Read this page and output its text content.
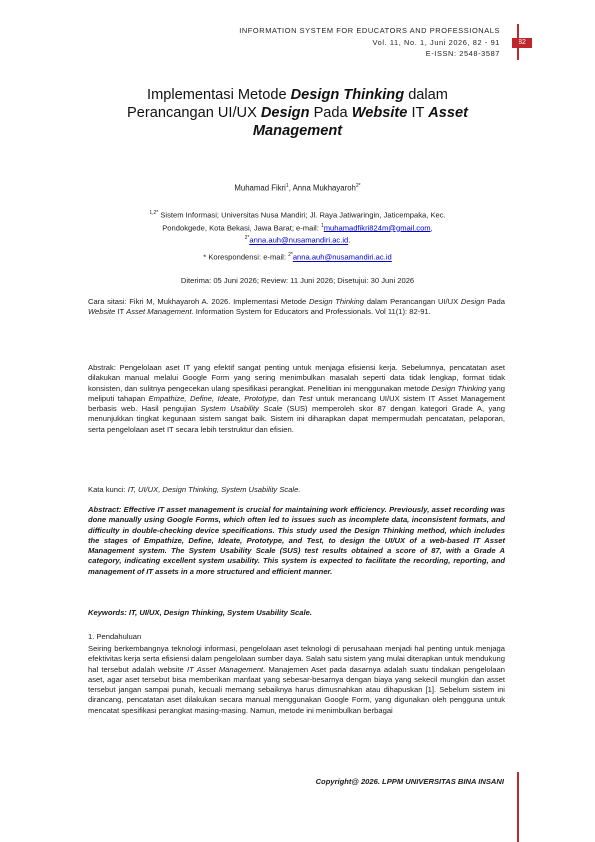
INFORMATION SYSTEM FOR EDUCATORS AND PROFESSIONALS
Vol. 11, No. 1, Juni 2026, 82 - 91
E-ISSN: 2548-3587
82
Implementasi Metode Design Thinking dalam
Perancangan UI/UX Design Pada Website IT Asset
Management
Muhamad Fikri$^1$, Anna Mukhayaroh$^{2*}$
$^{1,2*}$ Sistem Informasi; Universitas Nusa Mandiri; Jl. Raya Jatiwaringin, Jaticempaka, Kec.
Pondokgede, Kota Bekasi, Jawa Barat; e-mail: $^1$muhamadfikri824m@gmail.com,
$^{2*}$anna.auh@nusamandiri.ac.id.
* Korespondensi: e-mail: $^{2*}$anna.auh@nusamandiri.ac.id
Diterima: 05 Juni 2026; Review: 11 Juni 2026; Disetujui: 30 Juni 2026
Cara sitasi: Fikri M, Mukhayaroh A. 2026. Implementasi Metode Design Thinking dalam Perancangan UI/UX Design Pada Website IT Asset Management. Information System for Educators and Professionals. Vol 11(1): 82-91.
Abstrak: Pengelolaan aset IT yang efektif sangat penting untuk menjaga efisiensi kerja. Sebelumnya, pencatatan aset dilakukan manual melalui Google Form yang sering menimbulkan masalah seperti data tidak lengkap, format tidak konsisten, dan sulitnya pengecekan ulang spesifikasi perangkat. Penelitian ini menggunakan metode Design Thinking yang meliputi tahapan Empathize, Define, Ideate, Prototype, dan Test untuk merancang UI/UX sistem IT Asset Management berbasis web. Hasil pengujian System Usability Scale (SUS) memperoleh skor 87 dengan kategori Grade A, yang menunjukkan tingkat kegunaan sistem sangat baik. Sistem ini diharapkan dapat mempermudah pencatatan, pelaporan, serta pengelolaan aset IT secara lebih terstruktur dan efisien.
Kata kunci: IT, UI/UX, Design Thinking, System Usability Scale.
Abstract: Effective IT asset management is crucial for maintaining work efficiency. Previously, asset recording was done manually using Google Forms, which often led to issues such as incomplete data, inconsistent formats, and difficulty in double-checking device specifications. This study used the Design Thinking method, which includes the stages of Empathize, Define, Ideate, Prototype, and Test, to design the UI/UX of a web-based IT Asset Management system. The System Usability Scale (SUS) test results obtained a score of 87, with a Grade A category, indicating excellent system usability. This system is expected to facilitate the recording, reporting, and management of IT assets in a more structured and efficient manner.
Keywords: IT, UI/UX, Design Thinking, System Usability Scale.
1. Pendahuluan
Seiring berkembangnya teknologi informasi, pengelolaan aset teknologi di perusahaan menjadi hal penting untuk menjaga efektivitas kerja serta efisiensi dalam pengelolaan sumber daya. Salah satu sistem yang mulai diterapkan untuk mendukung hal tersebut adalah website IT Asset Management. Manajemen Aset pada dasarnya adalah suatu tindakan pengelolaan aset, agar aset tersebut bisa memberikan manfaat yang sebesar-besarnya dengan biaya yang sekecil mungkin dan asset tersebut jangan sampai punah, kecuali memang sebaiknya harus dimusnahkan atau dihapuskan [1]. Sebelum sistem ini dirancang, pencatatan aset dilakukan secara manual menggunakan Google Form, yang digunakan oleh pengguna untuk mencatat spesifikasi perangkat masing-masing. Namun, metode ini menimbulkan berbagai
Copyright@ 2026. LPPM UNIVERSITAS BINA INSANI
